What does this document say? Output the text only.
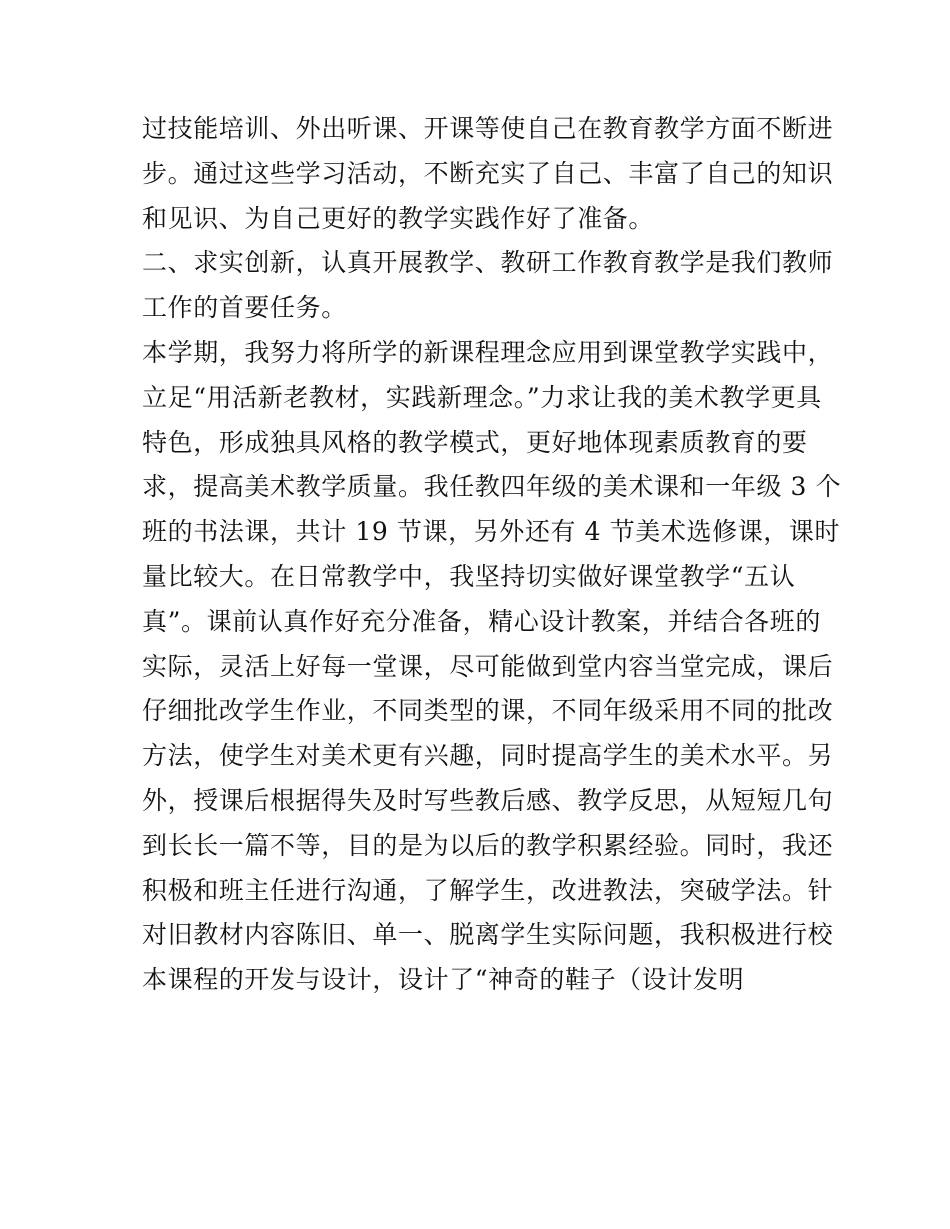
过技能培训、外出听课、开课等使自己在教育教学方面不断进
步。通过这些学习活动，不断充实了自己、丰富了自己的知识
和见识、为自己更好的教学实践作好了准备。
二、求实创新，认真开展教学、教研工作教育教学是我们教师
工作的首要任务。
本学期，我努力将所学的新课程理念应用到课堂教学实践中，
立足“用活新老教材，实践新理念。”力求让我的美术教学更具
特色，形成独具风格的教学模式，更好地体现素质教育的要
求，提高美术教学质量。我任教四年级的美术课和一年级 3 个
班的书法课，共计 19 节课，另外还有 4 节美术选修课，课时
量比较大。在日常教学中，我坚持切实做好课堂教学“五认
真”。课前认真作好充分准备，精心设计教案，并结合各班的
实际，灵活上好每一堂课，尽可能做到堂内容当堂完成，课后
仔细批改学生作业，不同类型的课，不同年级采用不同的批改
方法，使学生对美术更有兴趣，同时提高学生的美术水平。另
外，授课后根据得失及时写些教后感、教学反思，从短短几句
到长长一篇不等，目的是为以后的教学积累经验。同时，我还
积极和班主任进行沟通，了解学生，改进教法，突破学法。针
对旧教材内容陈旧、单一、脱离学生实际问题，我积极进行校
本课程的开发与设计，设计了“神奇的鞋子（设计发明
